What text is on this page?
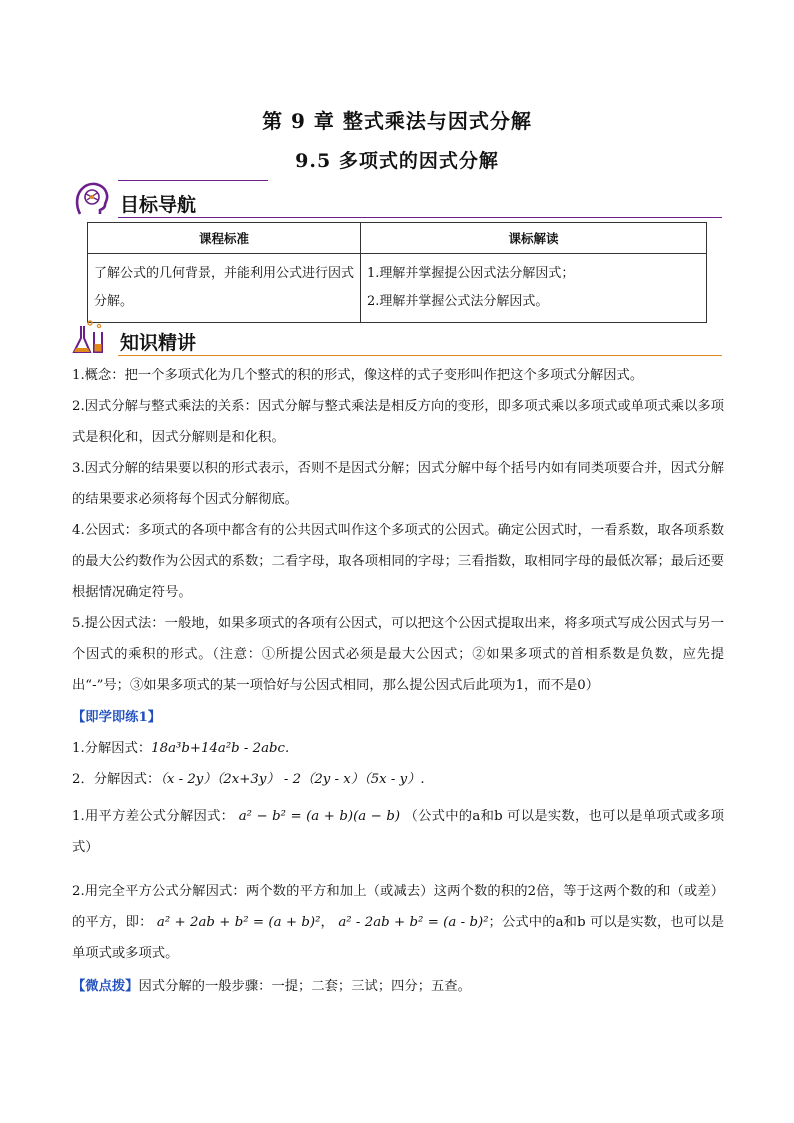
第 9 章 整式乘法与因式分解
9.5 多项式的因式分解
目标导航
课程标准	课标解读
了解公式的几何背景，并能利用公式进行因式分解。	1.理解并掌握提公因式法分解因式；
2.理解并掌握公式法分解因式。
知识精讲
1.概念：把一个多项式化为几个整式的积的形式，像这样的式子变形叫作把这个多项式分解因式。
2.因式分解与整式乘法的关系：因式分解与整式乘法是相反方向的变形，即多项式乘以多项式或单项式乘以多项式是积化和，因式分解则是和化积。
3.因式分解的结果要以积的形式表示，否则不是因式分解；因式分解中每个括号内如有同类项要合并，因式分解的结果要求必须将每个因式分解彻底。
4.公因式：多项式的各项中都含有的公共因式叫作这个多项式的公因式。确定公因式时，一看系数，取各项系数的最大公约数作为公因式的系数；二看字母，取各项相同的字母；三看指数，取相同字母的最低次幂；最后还要根据情况确定符号。
5.提公因式法：一般地，如果多项式的各项有公因式，可以把这个公因式提取出来，将多项式写成公因式与另一个因式的乘积的形式。（注意：①所提公因式必须是最大公因式；②如果多项式的首相系数是负数，应先提出“-”号；③如果多项式的某一项恰好与公因式相同，那么提公因式后此项为1，而不是0）
【即学即练1】
1.分解因式：18a³b+14a²b - 2abc.
2．分解因式：（x - 2y）（2x+3y） - 2（2y - x）（5x - y）.
1.用平方差公式分解因式： a² − b² = (a + b)(a − b) （公式中的a和b 可以是实数，也可以是单项式或多项式）
2.用完全平方公式分解因式：两个数的平方和加上（或减去）这两个数的积的2倍，等于这两个数的和（或差）的平方，即： a² + 2ab + b² = (a + b)²， a² - 2ab + b² = (a - b)²；公式中的a和b 可以是实数，也可以是单项式或多项式。
【微点拨】因式分解的一般步骤：一提；二套；三试；四分；五查。
